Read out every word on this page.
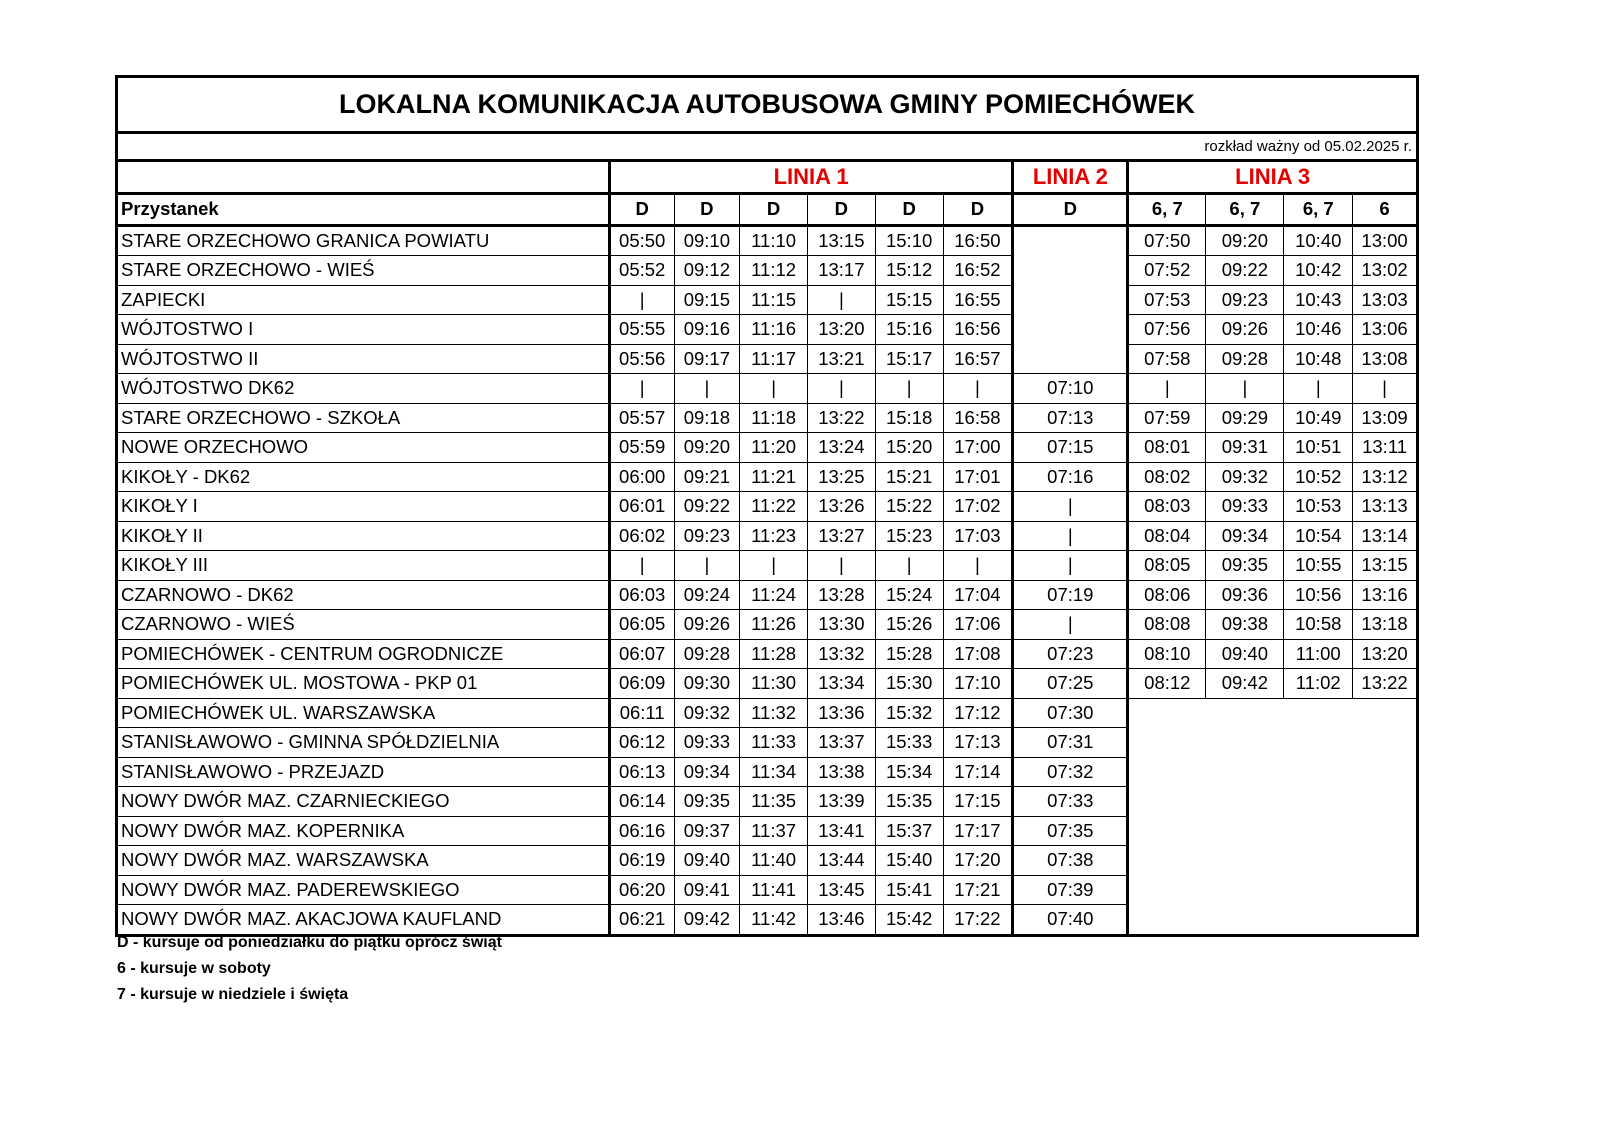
LOKALNA KOMUNIKACJA AUTOBUSOWA GMINY POMIECHÓWEK											
rozkład ważny od 05.02.2025 r.											
	LINIA 1						LINIA 2	LINIA 3			
Przystanek	D	D	D	D	D	D	D	6, 7	6, 7	6, 7	6
STARE ORZECHOWO GRANICA POWIATU	05:50	09:10	11:10	13:15	15:10	16:50		07:50	09:20	10:40	13:00
STARE ORZECHOWO - WIEŚ	05:52	09:12	11:12	13:17	15:12	16:52		07:52	09:22	10:42	13:02
ZAPIECKI	|	09:15	11:15	|	15:15	16:55		07:53	09:23	10:43	13:03
WÓJTOSTWO I	05:55	09:16	11:16	13:20	15:16	16:56		07:56	09:26	10:46	13:06
WÓJTOSTWO II	05:56	09:17	11:17	13:21	15:17	16:57		07:58	09:28	10:48	13:08
WÓJTOSTWO DK62	|	|	|	|	|	|	07:10	|	|	|	|
STARE ORZECHOWO - SZKOŁA	05:57	09:18	11:18	13:22	15:18	16:58	07:13	07:59	09:29	10:49	13:09
NOWE ORZECHOWO	05:59	09:20	11:20	13:24	15:20	17:00	07:15	08:01	09:31	10:51	13:11
KIKOŁY - DK62	06:00	09:21	11:21	13:25	15:21	17:01	07:16	08:02	09:32	10:52	13:12
KIKOŁY I	06:01	09:22	11:22	13:26	15:22	17:02	|	08:03	09:33	10:53	13:13
KIKOŁY II	06:02	09:23	11:23	13:27	15:23	17:03	|	08:04	09:34	10:54	13:14
KIKOŁY III	|	|	|	|	|	|	|	08:05	09:35	10:55	13:15
CZARNOWO - DK62	06:03	09:24	11:24	13:28	15:24	17:04	07:19	08:06	09:36	10:56	13:16
CZARNOWO - WIEŚ	06:05	09:26	11:26	13:30	15:26	17:06	|	08:08	09:38	10:58	13:18
POMIECHÓWEK - CENTRUM OGRODNICZE	06:07	09:28	11:28	13:32	15:28	17:08	07:23	08:10	09:40	11:00	13:20
POMIECHÓWEK UL. MOSTOWA - PKP 01	06:09	09:30	11:30	13:34	15:30	17:10	07:25	08:12	09:42	11:02	13:22
POMIECHÓWEK UL. WARSZAWSKA	06:11	09:32	11:32	13:36	15:32	17:12	07:30				
STANISŁAWOWO - GMINNA SPÓŁDZIELNIA	06:12	09:33	11:33	13:37	15:33	17:13	07:31				
STANISŁAWOWO - PRZEJAZD	06:13	09:34	11:34	13:38	15:34	17:14	07:32				
NOWY DWÓR MAZ. CZARNIECKIEGO	06:14	09:35	11:35	13:39	15:35	17:15	07:33				
NOWY DWÓR MAZ. KOPERNIKA	06:16	09:37	11:37	13:41	15:37	17:17	07:35				
NOWY DWÓR MAZ. WARSZAWSKA	06:19	09:40	11:40	13:44	15:40	17:20	07:38				
NOWY DWÓR MAZ. PADEREWSKIEGO	06:20	09:41	11:41	13:45	15:41	17:21	07:39				
NOWY DWÓR MAZ. AKACJOWA KAUFLAND	06:21	09:42	11:42	13:46	15:42	17:22	07:40				
D - kursuje od poniedziałku do piątku oprócz świąt
6 - kursuje w soboty
7 - kursuje w niedziele i święta
